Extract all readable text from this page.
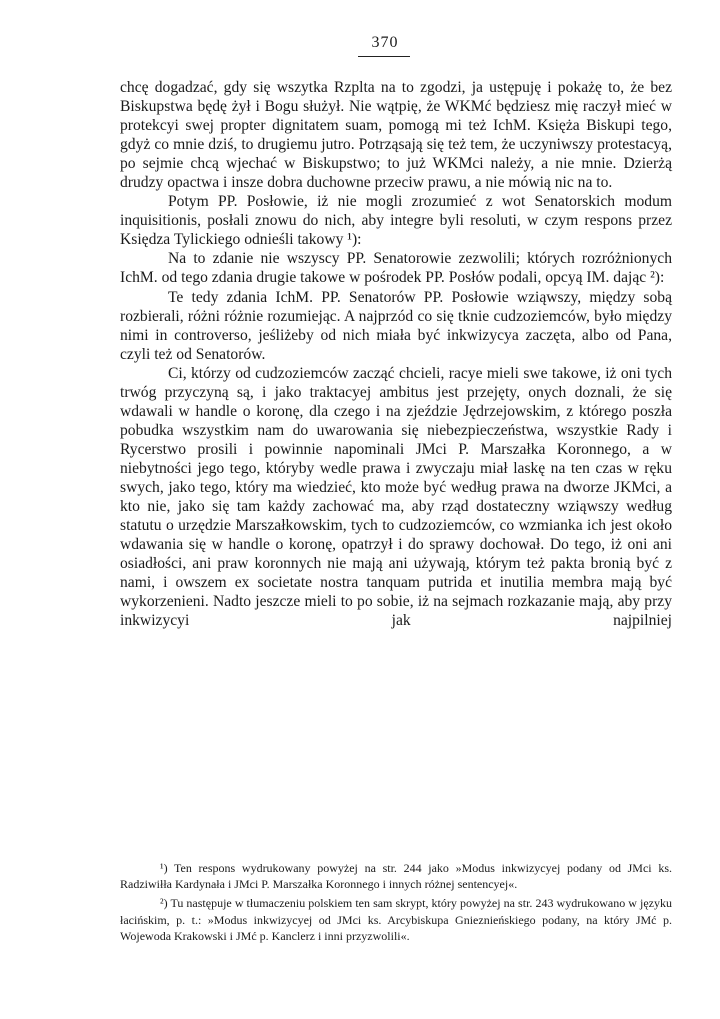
370

chcę dogadzać, gdy się wszytka Rzplta na to zgodzi, ja ustępuję i pokażę to, że bez Biskupstwa będę żył i Bogu służył. Nie wątpię, że WKMć będziesz mię raczył mieć w protekcyi swej propter dignitatem suam, pomogą mi też IchM. Księża Biskupi tego, gdyż co mnie dziś, to drugiemu jutro. Potrząsają się też tem, że uczyniwszy protestacyą, po sejmie chcą wjechać w Biskupstwo; to już WKMci należy, a nie mnie. Dzierżą drudzy opactwa i insze dobra duchowne przeciw prawu, a nie mówią nic na to.

Potym PP. Posłowie, iż nie mogli zrozumieć z wot Senatorskich modum inquisitionis, posłali znowu do nich, aby integre byli resoluti, w czym respons przez Księdza Tylickiego odnieśli takowy ¹):

Na to zdanie nie wszyscy PP. Senatorowie zezwolili; których rozróżnionych IchM. od tego zdania drugie takowe w pośrodek PP. Posłów podali, opcyą IM. dając ²):

Te tedy zdania IchM. PP. Senatorów PP. Posłowie wziąwszy, między sobą rozbierali, różni różnie rozumiejąc. A najprzód co się tknie cudzoziemców, było między nimi in controverso, jeśliżeby od nich miała być inkwizycya zaczęta, albo od Pana, czyli też od Senatorów.

Ci, którzy od cudzoziemców zacząć chcieli, racye mieli swe takowe, iż oni tych trwóg przyczyną są, i jako traktacyej ambitus jest przejęty, onych doznali, że się wdawali w handle o koronę, dla czego i na zjeździe Jędrzejowskim, z którego poszła pobudka wszystkim nam do uwarowania się niebezpieczeństwa, wszystkie Rady i Rycerstwo prosili i powinnie napominali JMci P. Marszałka Koronnego, a w niebytności jego tego, któryby wedle prawa i zwyczaju miał laskę na ten czas w ręku swych, jako tego, który ma wiedzieć, kto może być według prawa na dworze JKMci, a kto nie, jako się tam każdy zachować ma, aby rząd dostateczny wziąwszy według statutu o urzędzie Marszałkowskim, tych to cudzoziemców, co wzmianka ich jest około wdawania się w handle o koronę, opatrzył i do sprawy dochował. Do tego, iż oni ani osiadłości, ani praw koronnych nie mają ani używają, którym też pakta bronią być z nami, i owszem ex societate nostra tanquam putrida et inutilia membra mają być wykorzenieni. Nadto jeszcze mieli to po sobie, iż na sejmach rozkazanie mają, aby przy inkwizycyi jak najpilniej

¹) Ten respons wydrukowany powyżej na str. 244 jako »Modus inkwizycyej podany od JMci ks. Radziwiłła Kardynała i JMci P. Marszałka Koronnego i innych różnej sentencyej«.

²) Tu następuje w tłumaczeniu polskiem ten sam skrypt, który powyżej na str. 243 wydrukowano w języku łacińskim, p. t.: »Modus inkwizycyej od JMci ks. Arcybiskupa Gnieznieńskiego podany, na który JMć p. Wojewoda Krakowski i JMć p. Kanclerz i inni przyzwolili«.
